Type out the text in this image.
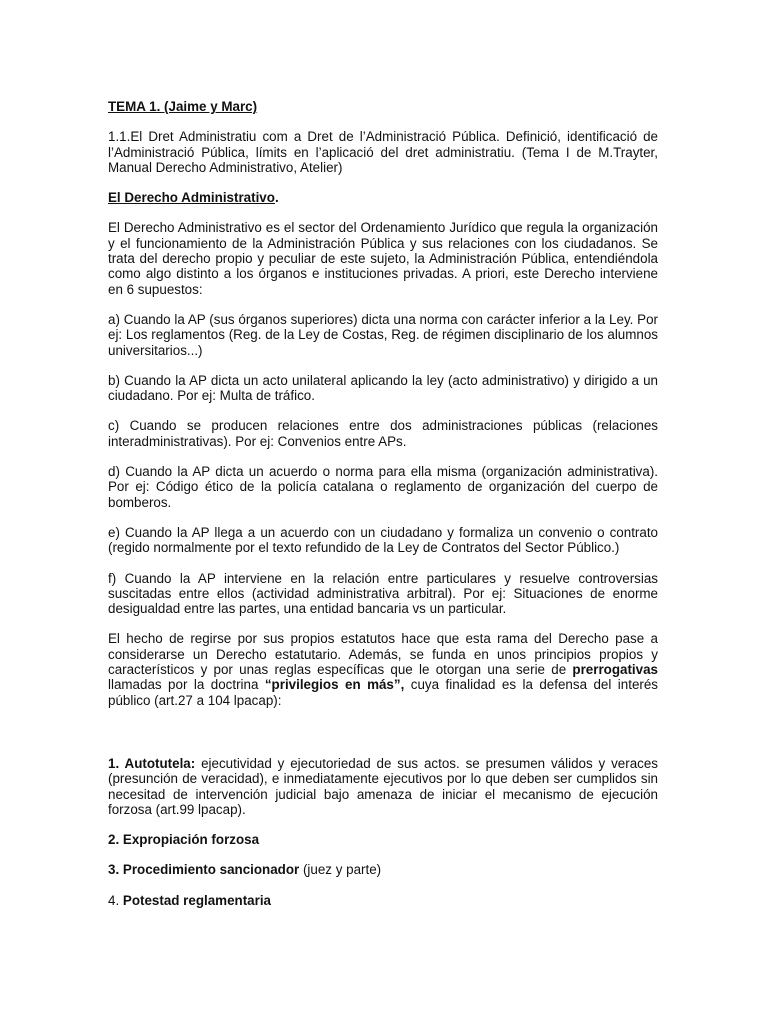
TEMA 1. (Jaime y Marc)

1.1.El Dret Administratiu com a Dret de l’Administració Pública. Definició, identificació de l’Administració Pública, límits en l’aplicació del dret administratiu. (Tema I de M.Trayter, Manual Derecho Administrativo, Atelier)

El Derecho Administrativo.

El Derecho Administrativo es el sector del Ordenamiento Jurídico que regula la organización y el funcionamiento de la Administración Pública y sus relaciones con los ciudadanos. Se trata del derecho propio y peculiar de este sujeto, la Administración Pública, entendiéndola como algo distinto a los órganos e instituciones privadas. A priori, este Derecho interviene en 6 supuestos:

a) Cuando la AP (sus órganos superiores) dicta una norma con carácter inferior a la Ley. Por ej: Los reglamentos (Reg. de la Ley de Costas, Reg. de régimen disciplinario de los alumnos universitarios...)

b) Cuando la AP dicta un acto unilateral aplicando la ley (acto administrativo) y dirigido a un ciudadano. Por ej: Multa de tráfico.

c) Cuando se producen relaciones entre dos administraciones públicas (relaciones interadministrativas). Por ej: Convenios entre APs.

d) Cuando la AP dicta un acuerdo o norma para ella misma (organización administrativa). Por ej: Código ético de la policía catalana o reglamento de organización del cuerpo de bomberos.

e) Cuando la AP llega a un acuerdo con un ciudadano y formaliza un convenio o contrato (regido normalmente por el texto refundido de la Ley de Contratos del Sector Público.)

f) Cuando la AP interviene en la relación entre particulares y resuelve controversias suscitadas entre ellos (actividad administrativa arbitral). Por ej: Situaciones de enorme desigualdad entre las partes, una entidad bancaria vs un particular.

El hecho de regirse por sus propios estatutos hace que esta rama del Derecho pase a considerarse un Derecho estatutario. Además, se funda en unos principios propios y característicos y por unas reglas específicas que le otorgan una serie de prerrogativas llamadas por la doctrina “privilegios en más”, cuya finalidad es la defensa del interés público (art.27 a 104 lpacap):

1. Autotutela: ejecutividad y ejecutoriedad de sus actos. se presumen válidos y veraces (presunción de veracidad), e inmediatamente ejecutivos por lo que deben ser cumplidos sin necesitad de intervención judicial bajo amenaza de iniciar el mecanismo de ejecución forzosa (art.99 lpacap).

2. Expropiación forzosa

3. Procedimiento sancionador (juez y parte)

4. Potestad reglamentaria
